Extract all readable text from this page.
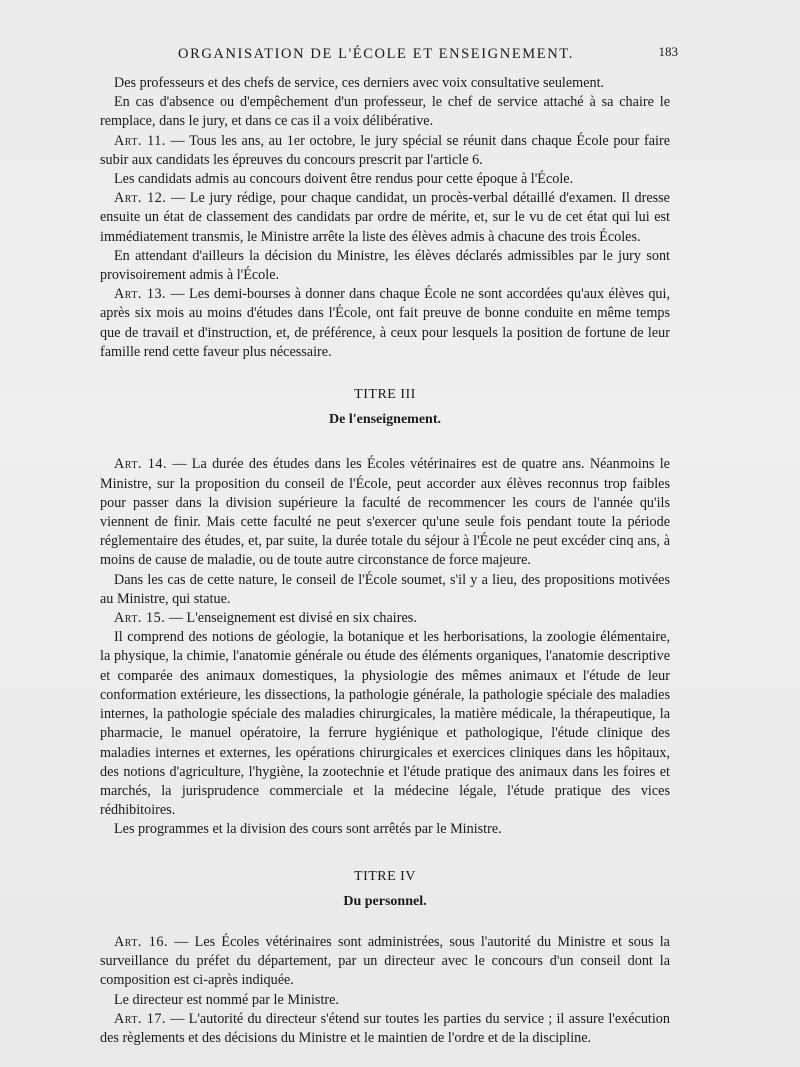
ORGANISATION DE L'ÉCOLE ET ENSEIGNEMENT.	183

Des professeurs et des chefs de service, ces derniers avec voix consultative seulement.

En cas d'absence ou d'empêchement d'un professeur, le chef de service attaché à sa chaire le remplace, dans le jury, et dans ce cas il a voix délibérative.

Art. 11. — Tous les ans, au 1er octobre, le jury spécial se réunit dans chaque École pour faire subir aux candidats les épreuves du concours prescrit par l'article 6.

Les candidats admis au concours doivent être rendus pour cette époque à l'École.

Art. 12. — Le jury rédige, pour chaque candidat, un procès-verbal détaillé d'examen. Il dresse ensuite un état de classement des candidats par ordre de mérite, et, sur le vu de cet état qui lui est immédiatement transmis, le Ministre arrête la liste des élèves admis à chacune des trois Écoles.

En attendant d'ailleurs la décision du Ministre, les élèves déclarés admissibles par le jury sont provisoirement admis à l'École.

Art. 13. — Les demi-bourses à donner dans chaque École ne sont accordées qu'aux élèves qui, après six mois au moins d'études dans l'École, ont fait preuve de bonne conduite en même temps que de travail et d'instruction, et, de préférence, à ceux pour lesquels la position de fortune de leur famille rend cette faveur plus nécessaire.

TITRE III
De l'enseignement.

Art. 14. — La durée des études dans les Écoles vétérinaires est de quatre ans. Néanmoins le Ministre, sur la proposition du conseil de l'École, peut accorder aux élèves reconnus trop faibles pour passer dans la division supérieure la faculté de recommencer les cours de l'année qu'ils viennent de finir. Mais cette faculté ne peut s'exercer qu'une seule fois pendant toute la période réglementaire des études, et, par suite, la durée totale du séjour à l'École ne peut excéder cinq ans, à moins de cause de maladie, ou de toute autre circonstance de force majeure.

Dans les cas de cette nature, le conseil de l'École soumet, s'il y a lieu, des propositions motivées au Ministre, qui statue.

Art. 15. — L'enseignement est divisé en six chaires.

Il comprend des notions de géologie, la botanique et les herborisations, la zoologie élémentaire, la physique, la chimie, l'anatomie générale ou étude des éléments organiques, l'anatomie descriptive et comparée des animaux domestiques, la physiologie des mêmes animaux et l'étude de leur conformation extérieure, les dissections, la pathologie générale, la pathologie spéciale des maladies internes, la pathologie spéciale des maladies chirurgicales, la matière médicale, la thérapeutique, la pharmacie, le manuel opératoire, la ferrure hygiénique et pathologique, l'étude clinique des maladies internes et externes, les opérations chirurgicales et exercices cliniques dans les hôpitaux, des notions d'agriculture, l'hygiène, la zootechnie et l'étude pratique des animaux dans les foires et marchés, la jurisprudence commerciale et la médecine légale, l'étude pratique des vices rédhibitoires.

Les programmes et la division des cours sont arrêtés par le Ministre.

TITRE IV
Du personnel.

Art. 16. — Les Écoles vétérinaires sont administrées, sous l'autorité du Ministre et sous la surveillance du préfet du département, par un directeur avec le concours d'un conseil dont la composition est ci-après indiquée.

Le directeur est nommé par le Ministre.

Art. 17. — L'autorité du directeur s'étend sur toutes les parties du service ; il assure l'exécution des règlements et des décisions du Ministre et le maintien de l'ordre et de la discipline.
